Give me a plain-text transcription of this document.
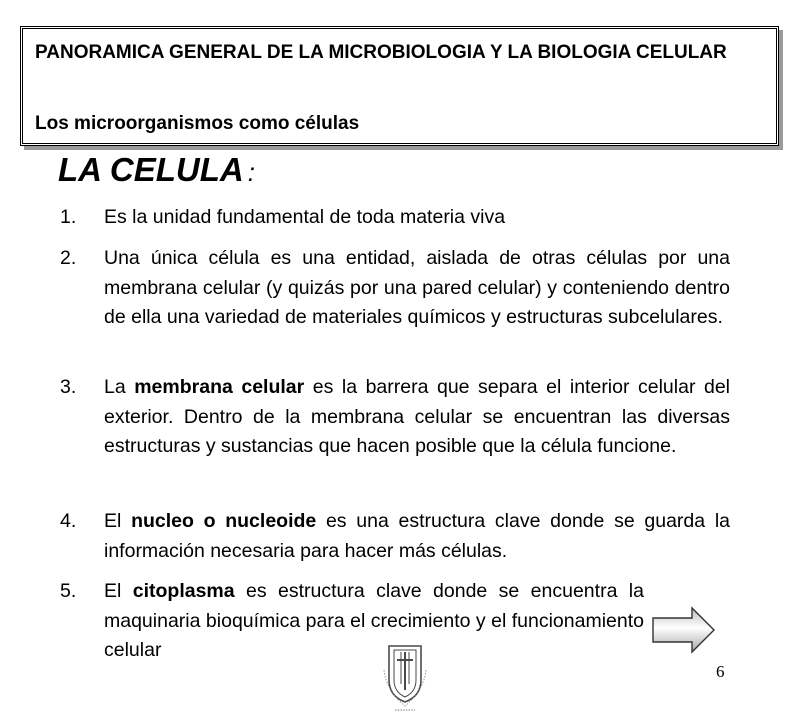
PANORAMICA GENERAL DE LA MICROBIOLOGIA Y LA BIOLOGIA CELULAR
Los microorganismos como células
LA CELULA :
1. Es la unidad fundamental de toda materia viva
2. Una única célula es una entidad, aislada de otras células por una membrana celular (y quizás por una pared celular) y conteniendo dentro de ella una variedad de materiales químicos y estructuras subcelulares.
3. La membrana celular es la barrera que separa el interior celular del exterior. Dentro de la membrana celular se encuentran las diversas estructuras y sustancias que hacen posible que la célula funcione.
4. El nucleo o nucleoide es una estructura clave donde se guarda la información necesaria para hacer más células.
5. El citoplasma es estructura clave donde se encuentra la maquinaria bioquímica para el crecimiento y el funcionamiento celular
6
